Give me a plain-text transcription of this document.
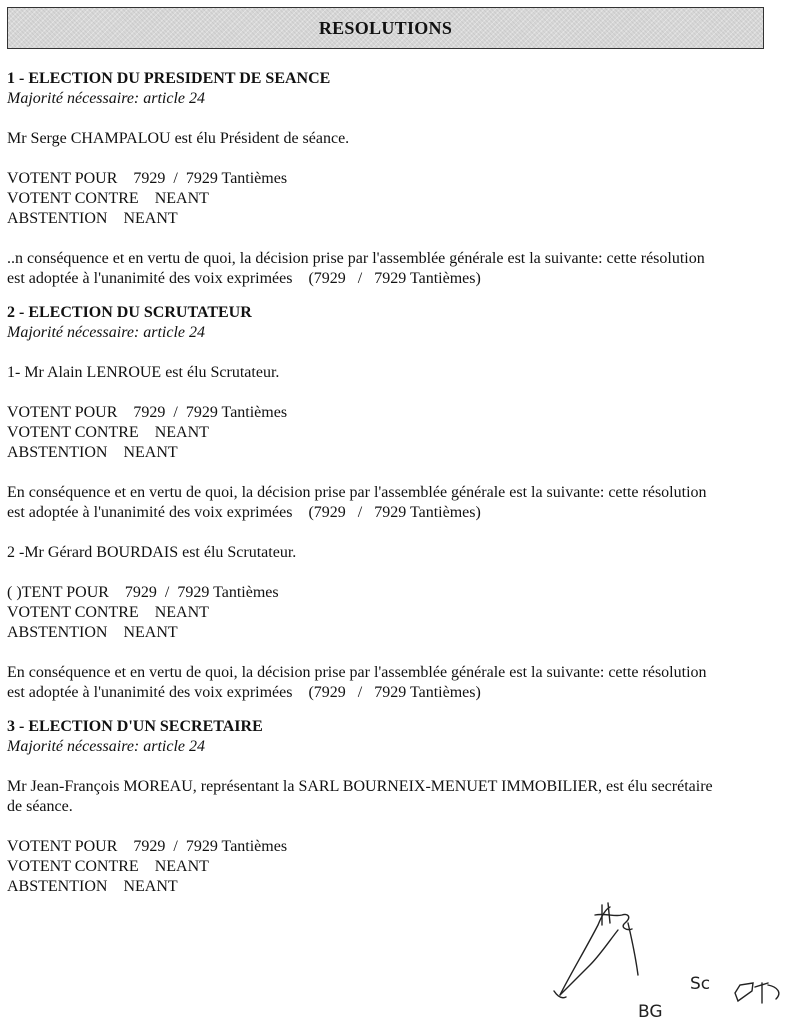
RESOLUTIONS

1 - ELECTION DU PRESIDENT DE SEANCE

Majorité nécessaire: article 24

Mr Serge CHAMPALOU est élu Président de séance.

VOTENT POUR    7929  /  7929 Tantièmes

VOTENT CONTRE    NEANT

ABSTENTION    NEANT

..n conséquence et en vertu de quoi, la décision prise par l'assemblée générale est la suivante: cette résolution

est adoptée à l'unanimité des voix exprimées    (7929   /   7929 Tantièmes)

2 - ELECTION DU SCRUTATEUR

Majorité nécessaire: article 24

1- Mr Alain LENROUE est élu Scrutateur.

VOTENT POUR    7929  /  7929 Tantièmes

VOTENT CONTRE    NEANT

ABSTENTION    NEANT

En conséquence et en vertu de quoi, la décision prise par l'assemblée générale est la suivante: cette résolution

est adoptée à l'unanimité des voix exprimées    (7929   /   7929 Tantièmes)

2 -Mr Gérard BOURDAIS est élu Scrutateur.

( )TENT POUR    7929  /  7929 Tantièmes

VOTENT CONTRE    NEANT

ABSTENTION    NEANT

En conséquence et en vertu de quoi, la décision prise par l'assemblée générale est la suivante: cette résolution

est adoptée à l'unanimité des voix exprimées    (7929   /   7929 Tantièmes)

3 - ELECTION D'UN SECRETAIRE

Majorité nécessaire: article 24

Mr Jean-François MOREAU, représentant la SARL BOURNEIX-MENUET IMMOBILIER, est élu secrétaire

de séance.

VOTENT POUR    7929  /  7929 Tantièmes

VOTENT CONTRE    NEANT

ABSTENTION    NEANT

BG
Sc
